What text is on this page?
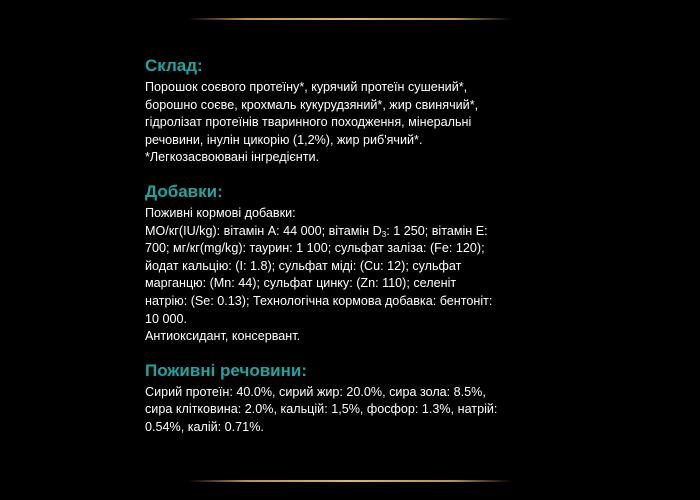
Склад:
Порошок соєвого протеїну*, курячий протеїн сушений*,
борошно соєве, крохмаль кукурудзяний*, жир свинячий*,
гідролізат протеїнів тваринного походження, мінеральні
речовини, інулін цикорію (1,2%), жир риб'ячий*.
*Легкозасвоювані інгредієнти.
Добавки:
Поживні кормові добавки:
МО/кг(IU/kg): вітамін А: 44 000; вітамін $D_3$: 1 250; вітамін Е:
700; мг/кг(mg/kg): таурин: 1 100; сульфат заліза: (Fe: 120);
йодат кальцію: (I: 1.8); сульфат міді: (Cu: 12); сульфат
марганцю: (Mn: 44); сульфат цинку: (Zn: 110); селеніт
натрію: (Se: 0.13); Технологічна кормова добавка: бентоніт:
10 000.
Антиоксидант, консервант.
Поживні речовини:
Сирий протеїн: 40.0%, сирий жир: 20.0%, сира зола: 8.5%,
сира клітковина: 2.0%, кальцій: 1,5%, фосфор: 1.3%, натрій:
0.54%, калій: 0.71%.
